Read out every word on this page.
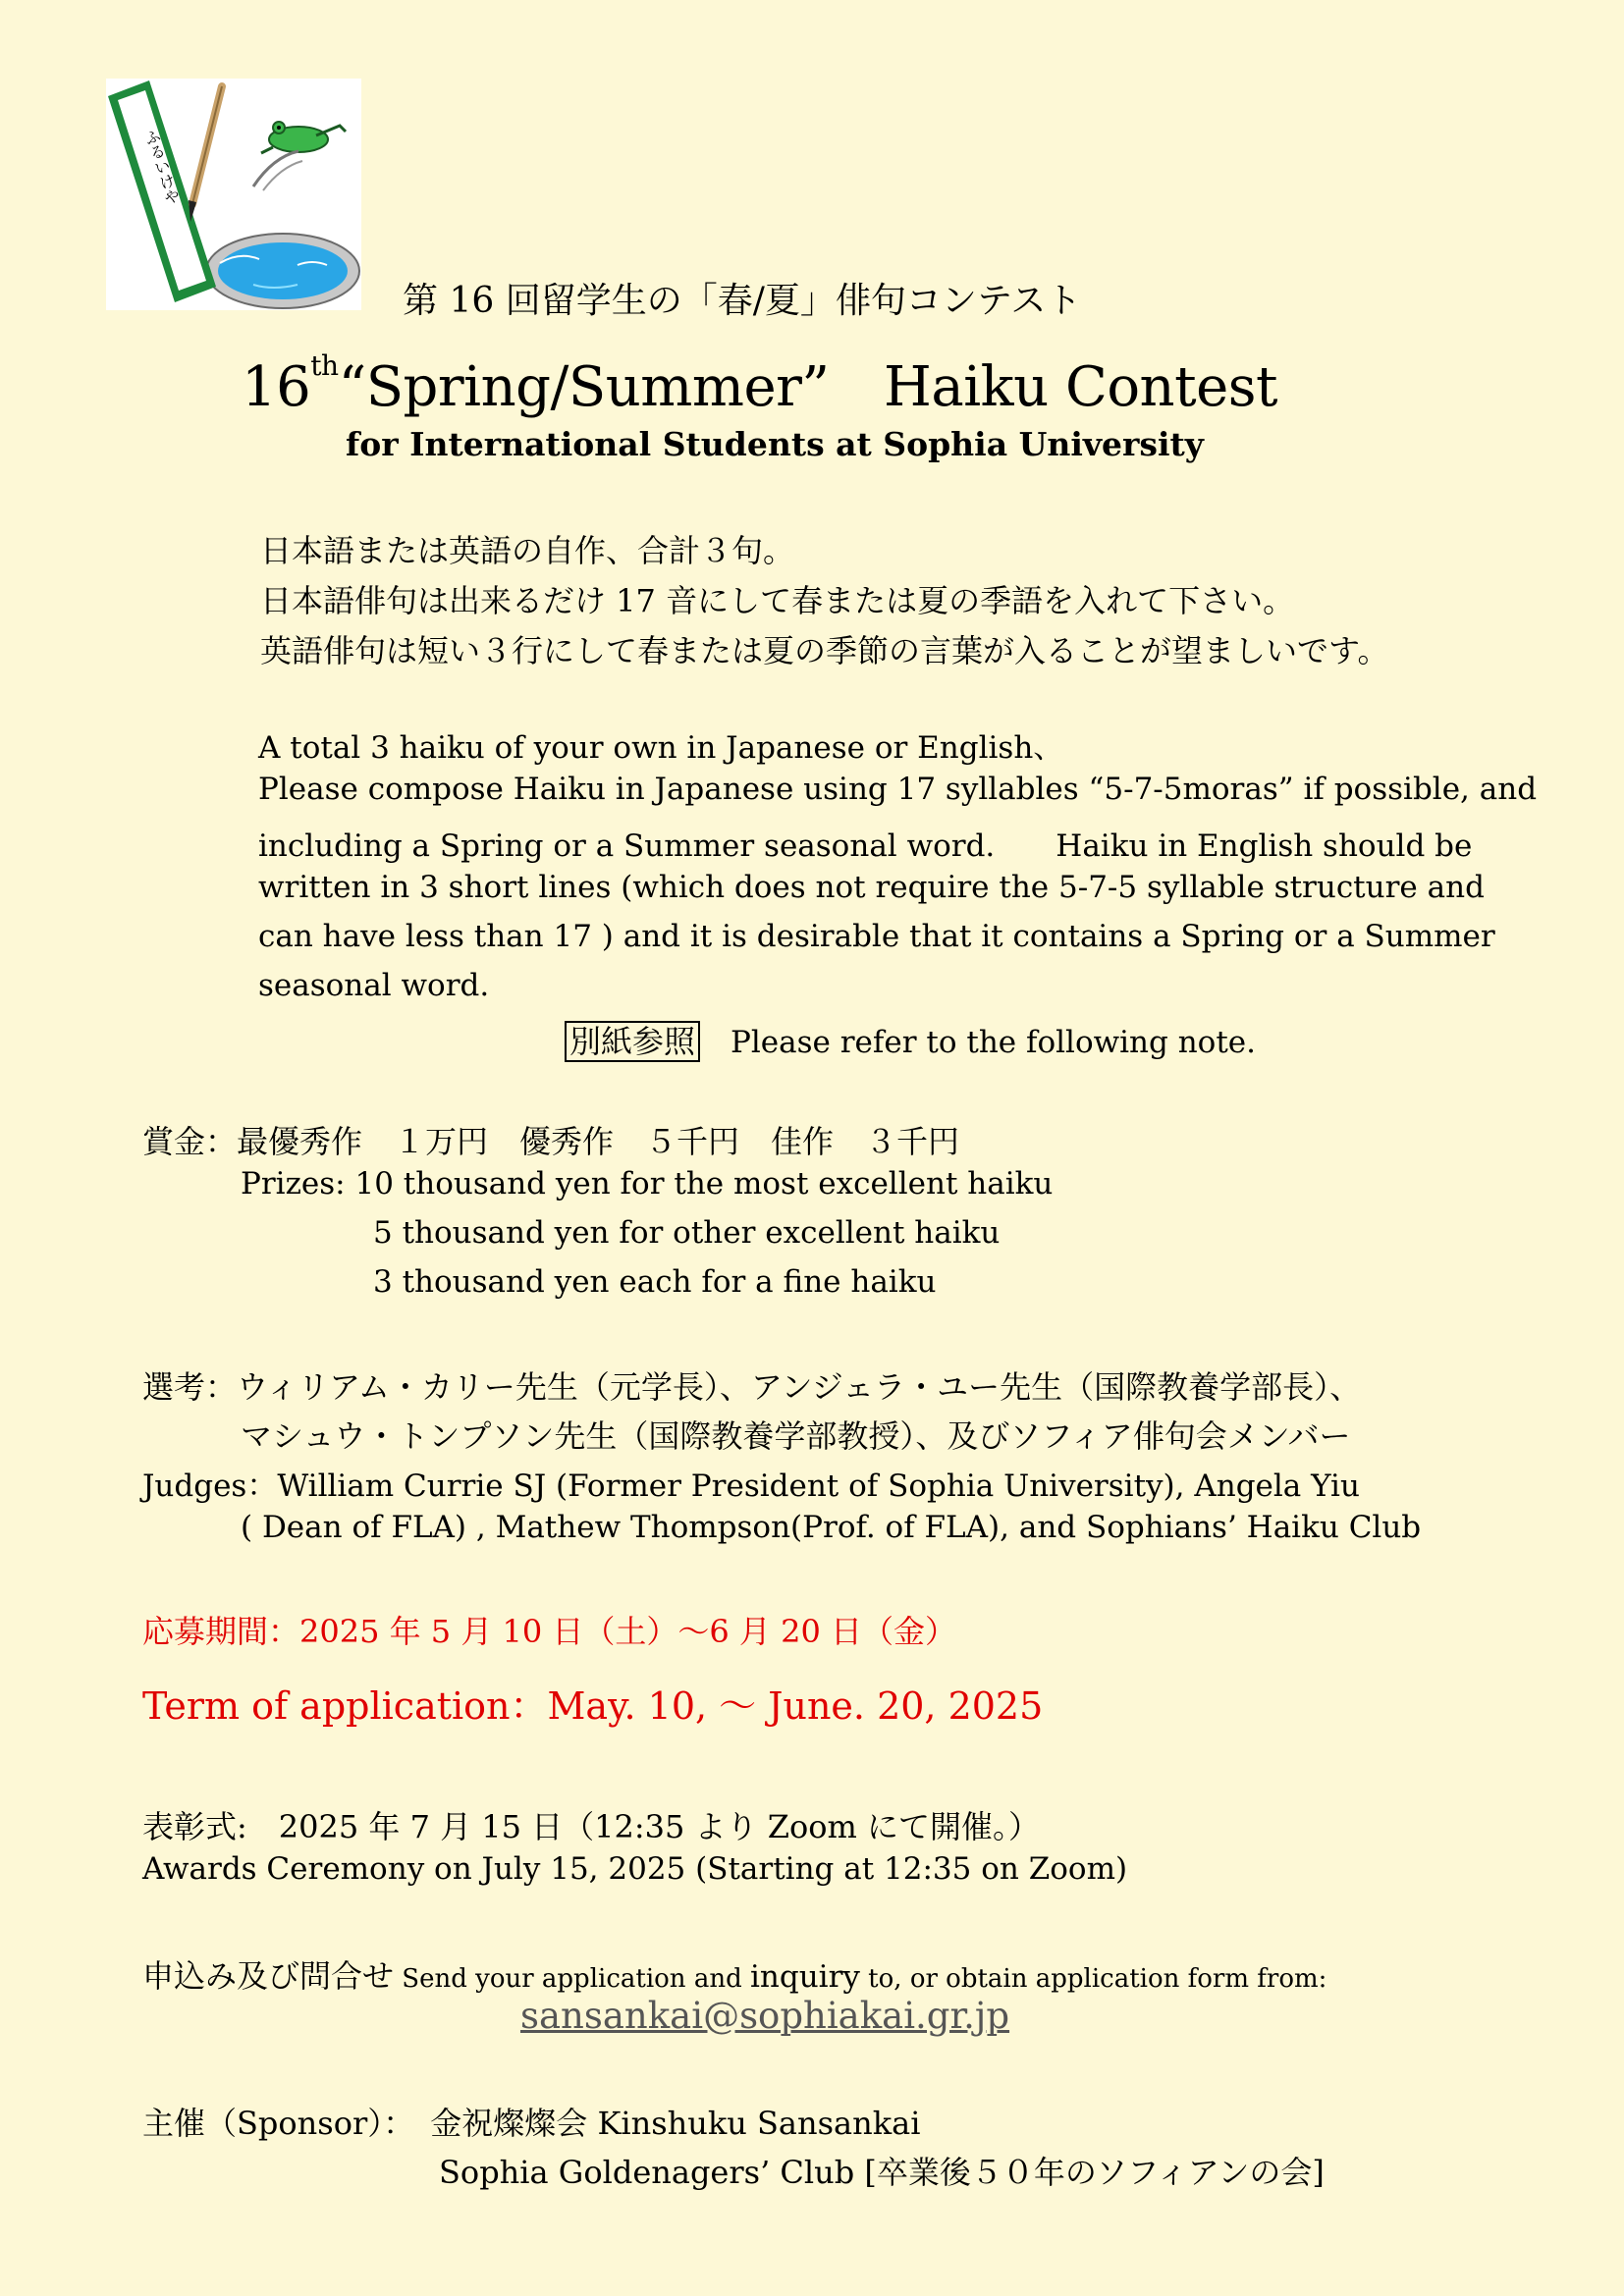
ふるいけや
第 16 回留学生の「春/夏」俳句コンテスト
16th“Spring/Summer”　Haiku Contest
for International Students at Sophia University
日本語または英語の自作、合計３句。
日本語俳句は出来るだけ 17 音にして春または夏の季語を入れて下さい。
英語俳句は短い３行にして春または夏の季節の言葉が入ることが望ましいです。
A total 3 haiku of your own in Japanese or English、
Please compose Haiku in Japanese using 17 syllables “5-7-5moras” if possible, and
including a Spring or a Summer seasonal word.　　Haiku in English should be
written in 3 short lines (which does not require the 5-7-5 syllable structure and
can have less than 17 ) and it is desirable that it contains a Spring or a Summer
seasonal word.
別紙参照　 Please refer to the following note.
賞金：最優秀作　１万円　優秀作　５千円　佳作　３千円
Prizes: 10 thousand yen for the most excellent haiku
5 thousand yen for other excellent haiku
3 thousand yen each for a fine haiku
選考：ウィリアム・カリー先生（元学長）、アンジェラ・ユー先生（国際教養学部長）、
マシュウ・トンプソン先生（国際教養学部教授）、及びソフィア俳句会メンバー
Judges：William Currie SJ (Former President of Sophia University), Angela Yiu
( Dean of FLA) , Mathew Thompson(Prof. of FLA), and Sophians’ Haiku Club
応募期間：2025 年 5 月 10 日（土）～6 月 20 日（金）
Term of application：May. 10, ～ June. 20, 2025
表彰式:　2025 年 7 月 15 日（12:35 より Zoom にて開催。）
Awards Ceremony on July 15, 2025 (Starting at 12:35 on Zoom)
申込み及び問合せ Send your application and inquiry to, or obtain application form from:
sansankai@sophiakai.gr.jp
主催（Sponsor）：　金祝燦燦会 Kinshuku Sansankai
Sophia Goldenagers’ Club [卒業後５０年のソフィアンの会]
